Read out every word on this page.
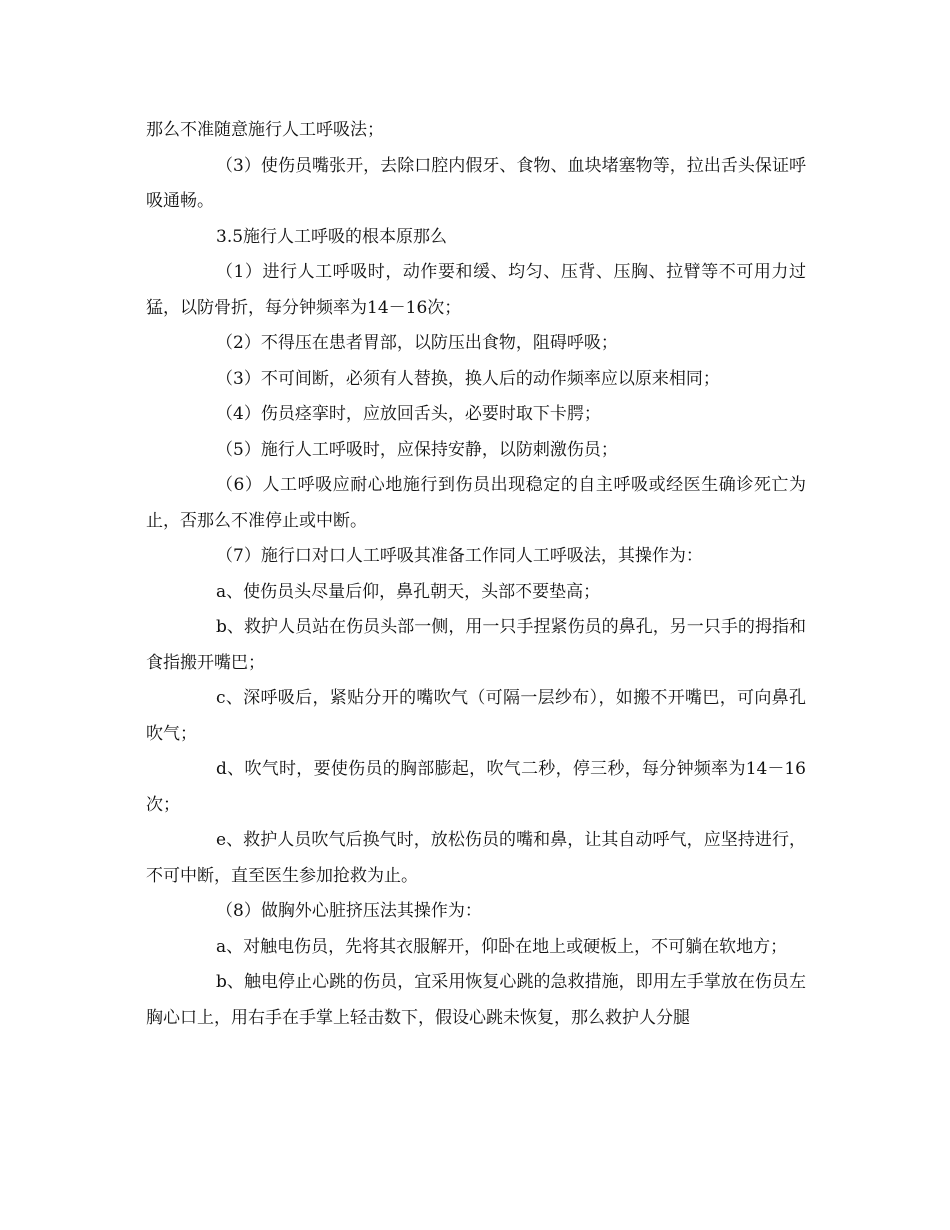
那么不准随意施行人工呼吸法；

（3）使伤员嘴张开，去除口腔内假牙、食物、血块堵塞物等，拉出舌头保证呼吸通畅。

3.5施行人工呼吸的根本原那么

（1）进行人工呼吸时，动作要和缓、均匀、压背、压胸、拉臂等不可用力过猛，以防骨折，每分钟频率为14－16次；

（2）不得压在患者胃部，以防压出食物，阻碍呼吸；

（3）不可间断，必须有人替换，换人后的动作频率应以原来相同；

（4）伤员痉挛时，应放回舌头，必要时取下卡腭；

（5）施行人工呼吸时，应保持安静，以防刺激伤员；

（6）人工呼吸应耐心地施行到伤员出现稳定的自主呼吸或经医生确诊死亡为止，否那么不准停止或中断。

（7）施行口对口人工呼吸其准备工作同人工呼吸法，其操作为：

a、使伤员头尽量后仰，鼻孔朝天，头部不要垫高；

b、救护人员站在伤员头部一侧，用一只手捏紧伤员的鼻孔，另一只手的拇指和食指搬开嘴巴；

c、深呼吸后，紧贴分开的嘴吹气（可隔一层纱布），如搬不开嘴巴，可向鼻孔吹气；

d、吹气时，要使伤员的胸部膨起，吹气二秒，停三秒，每分钟频率为14－16次；

e、救护人员吹气后换气时，放松伤员的嘴和鼻，让其自动呼气，应坚持进行，不可中断，直至医生参加抢救为止。

（8）做胸外心脏挤压法其操作为：

a、对触电伤员，先将其衣服解开，仰卧在地上或硬板上，不可躺在软地方；

b、触电停止心跳的伤员，宜采用恢复心跳的急救措施，即用左手掌放在伤员左胸心口上，用右手在手掌上轻击数下，假设心跳未恢复，那么救护人分腿
